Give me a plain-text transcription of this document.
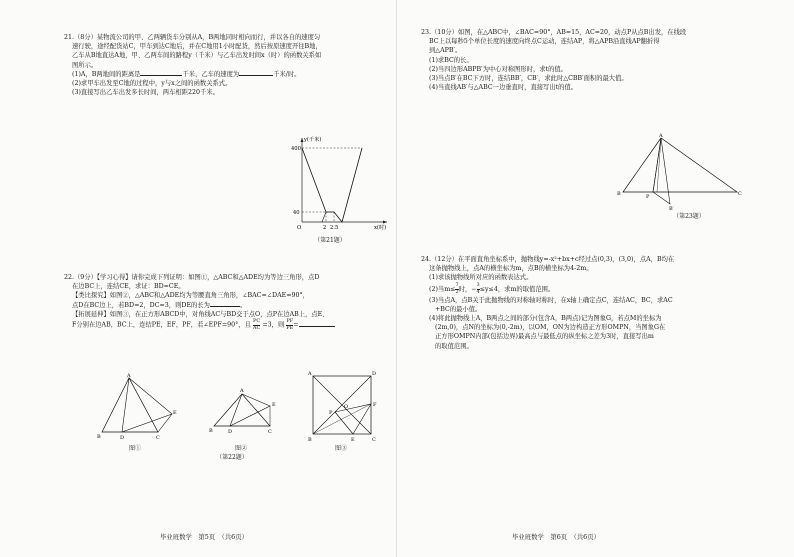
21.（8分）某物流公司的甲、乙两辆货车分别从A，B两地同时相向而行，并以各自的速度匀

速行驶，途经配货站C，甲车到达C地后，并在C地用1小时配货，然后按原速度开往B地，

乙车从B地直达A地，甲、乙两车间的路程y（千米）与乙车出发时间x（时）的函数关系如

图所示。

(1)A，B两地间的距离是	千米，乙车的速度为	千米/时。

(2)求甲车出发至C地的过程中，y与x之间的函数关系式。

(3)直接写出乙车出发多长时间，两车相距220千米。

y(千米)
400
40
O	2 2.5	x(时)
（第21题）

22.（9分）【学习心得】请你完成下列证明：如图①，△ABC和△ADE均为等边三角形，点D

在边BC上，连结CE，求证：BD=CE。

【类比探究】如图②，△ABC和△ADE均为等腰直角三角形，∠BAC=∠DAE=90°，

点D在BC边上，若BD=2，DC=3，则DE的长为	。

【拓展延伸】如图③，在正方形ABCD中，对角线AC与BD交于点O，点P在边AB上，点E、

F分别在边AB，BC上，连结PE，EF，PF，若∠EPF=90°，且 $\frac{PC}{AC} =3$，则 $\frac{PF}{PE}$ =

A
B	D	C
E
图①
A
B	D	C
E
图②
A	D
B	C
O
P
E
F
图③
（第22题）
毕业班数学　第5页　（共6页）

23.（10分）如图，在△ABC中，∠BAC=90°，AB=15，AC=20，动点P从点B出发，在线段

BC上以每秒5个单位长度的速度向终点C运动，连结AP，将△APB沿直线AP翻折得

到△APB′。

(1)求BC的长。

(2)当四边形ABPB′为中心对称图形时，求t的值。

(3)当点B′在BC下方时，连结BB′，CB′，求此时△CBB′面积的最大值。

(4)当直线AB′与△ABC一边垂直时，直接写出t的值。

A
B	C
P
B′
（第23题）

24.（12分）在平面直角坐标系中，抛物线y=-x²+bx+c经过点(0,3)，(3,0)，点A，B均在

这条抛物线上，点A的横坐标为m，点B的横坐标为4-2m。

(1)求该抛物线所对应的函数表达式。

(2)当$m\le \frac{7}{2}$ 时，− $\frac{3}{4} \le y\le 4$，求m的取值范围。

(3)当点A，点B关于此抛物线的对称轴对称时，在x轴上确定点C，连结AC，BC，求AC

+BC的最小值。

(4)将此抛物线上A，B两点之间的部分(包含A，B两点)记为图象G，若点M的坐标为

(2m,0)，点N的坐标为(0,-2m)，以OM，ON为边构造正方形OMPN，当图象G在

正方形OMPN内部(包括边界)最高点与最低点的纵坐标之差为3时，直接写出m

的取值范围。

毕业班数学　第6页　（共6页）
